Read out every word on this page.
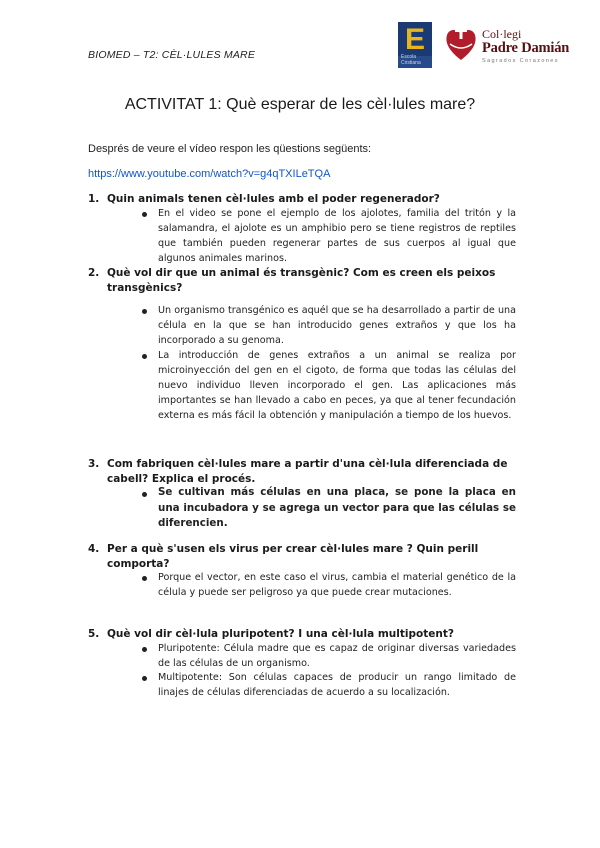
BIOMED – T2: CÈL·LULES MARE	E
Escola Cristiana
Col·legi
Padre Damián
Sagrados Corazones
ACTIVITAT 1: Què esperar de les cèl·lules mare?
Després de veure el vídeo respon les qüestions següents:
https://www.youtube.com/watch?v=g4qTXILeTQA
1. Quin animals tenen cèl·lules amb el poder regenerador?
En el video se pone el ejemplo de los ajolotes, familia del tritón y la salamandra, el ajolote es un amphibio pero se tiene registros de reptiles que también pueden regenerar partes de sus cuerpos al igual que algunos animales marinos.
2. Què vol dir que un animal és transgènic? Com es creen els peixos transgènics?
Un organismo transgénico es aquél que se ha desarrollado a partir de una célula en la que se han introducido genes extraños y que los ha incorporado a su genoma.
La introducción de genes extraños a un animal se realiza por microinyección del gen en el cigoto, de forma que todas las células del nuevo individuo lleven incorporado el gen. Las aplicaciones más importantes se han llevado a cabo en peces, ya que al tener fecundación externa es más fácil la obtención y manipulación a tiempo de los huevos.
3. Com fabriquen cèl·lules mare a partir d'una cèl·lula diferenciada de cabell? Explica el procés.
Se cultivan más células en una placa, se pone la placa en una incubadora y se agrega un vector para que las células se diferencien.
4. Per a què s'usen els virus per crear cèl·lules mare ? Quin perill comporta?
Porque el vector, en este caso el virus, cambia el material genético de la célula y puede ser peligroso ya que puede crear mutaciones.
5. Què vol dir cèl·lula pluripotent? I una cèl·lula multipotent?
Pluripotente: Célula madre que es capaz de originar diversas variedades de las células de un organismo.
Multipotente: Son células capaces de producir un rango limitado de linajes de células diferenciadas de acuerdo a su localización.
